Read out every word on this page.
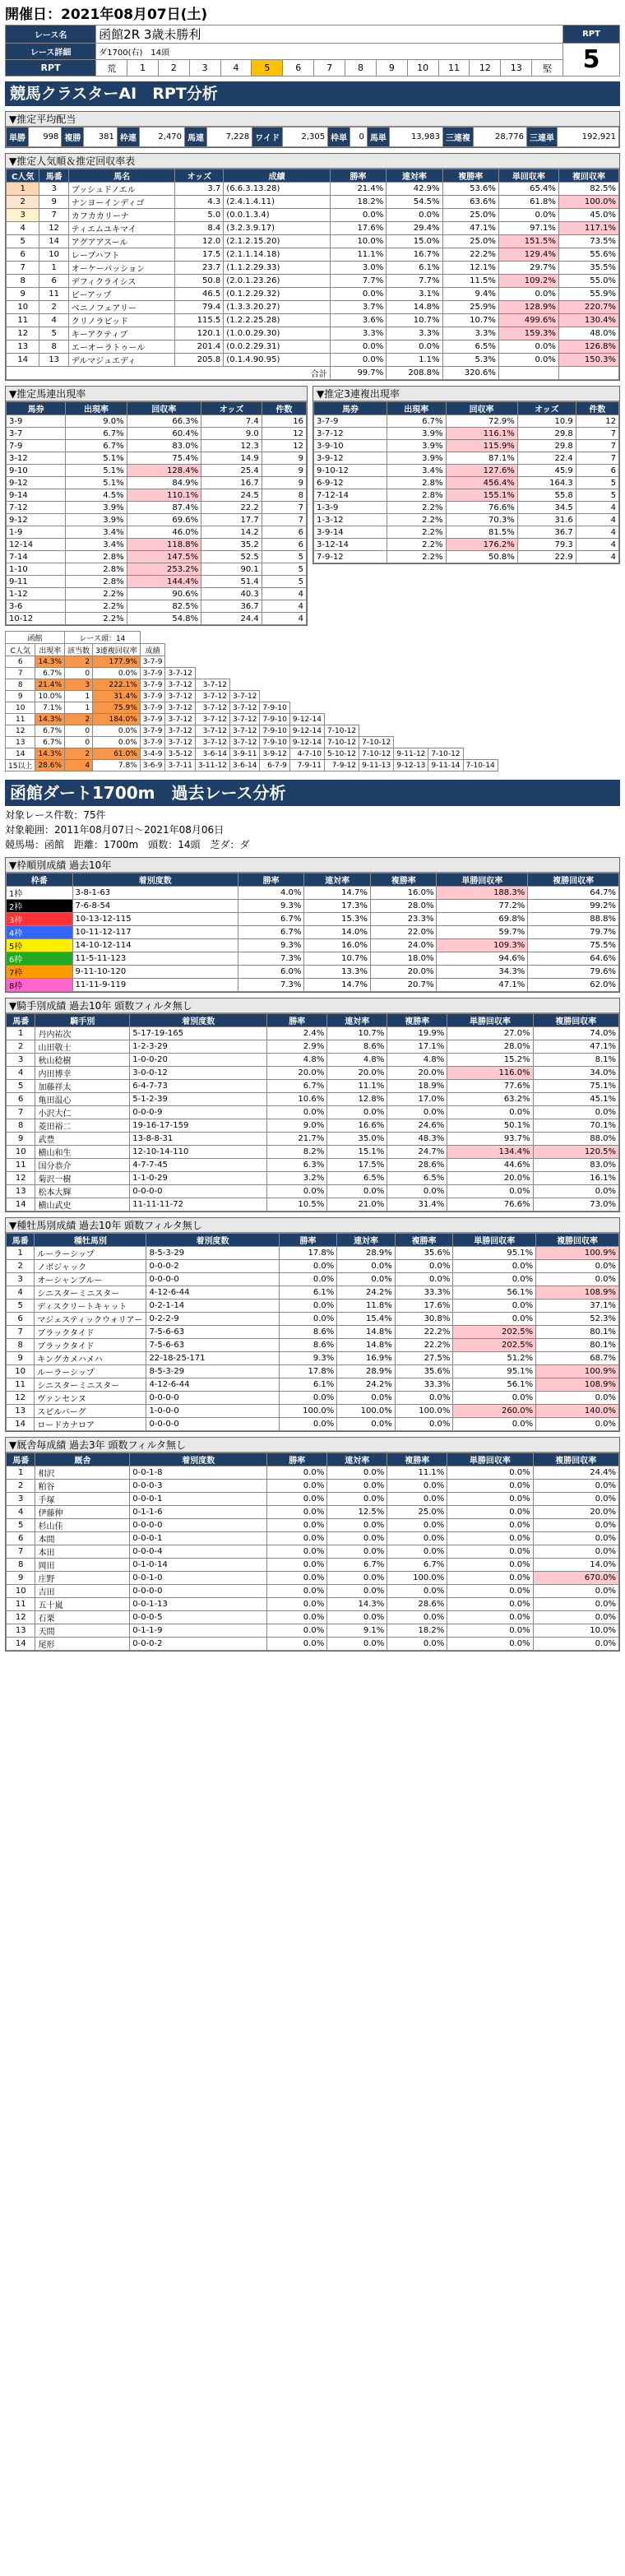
開催日：2021年08月07日(土)
レース名	函館2R 3歳未勝利															RPT
レース詳細	ダ1700(右)　14頭															5
RPT	荒	1	2	3	4	5	6	7	8	9	10	11	12	13	堅	
競馬クラスターAI　RPT分析
▼推定平均配当
単勝	998	複勝	381	枠連	2,470	馬連	7,228	ワイド	2,305	枠単	0	馬単	13,983	三連複	28,776	三連単	192,921
▼推定人気順＆推定回収率表
C人気	馬番	馬名	オッズ	成績	勝率	連対率	複勝率	単回収率	複回収率
1	3	ブッシュドノエル	3.7	(6.6.3.13.28)	21.4%	42.9%	53.6%	65.4%	82.5%
2	9	ナンヨーインディゴ	4.3	(2.4.1.4.11)	18.2%	54.5%	63.6%	61.8%	100.0%
3	7	カフカカリーナ	5.0	(0.0.1.3.4)	0.0%	0.0%	25.0%	0.0%	45.0%
4	12	ティエムユキマイ	8.4	(3.2.3.9.17)	17.6%	29.4%	47.1%	97.1%	117.1%
5	14	アグアアスール	12.0	(2.1.2.15.20)	10.0%	15.0%	25.0%	151.5%	73.5%
6	10	レーブハフト	17.5	(2.1.1.14.18)	11.1%	16.7%	22.2%	129.4%	55.6%
7	1	オーケーパッション	23.7	(1.1.2.29.33)	3.0%	6.1%	12.1%	29.7%	35.5%
8	6	デフィクライシス	50.8	(2.0.1.23.26)	7.7%	7.7%	11.5%	109.2%	55.0%
9	11	ビーアップ	46.5	(0.1.2.29.32)	0.0%	3.1%	9.4%	0.0%	55.9%
10	2	ベニノフェアリー	79.4	(1.3.3.20.27)	3.7%	14.8%	25.9%	128.9%	220.7%
11	4	クリノラピッド	115.5	(1.2.2.25.28)	3.6%	10.7%	10.7%	499.6%	130.4%
12	5	キーアクティブ	120.1	(1.0.0.29.30)	3.3%	3.3%	3.3%	159.3%	48.0%
13	8	エーオーラトゥール	201.4	(0.0.2.29.31)	0.0%	0.0%	6.5%	0.0%	126.8%
14	13	デルマジュエディ	205.8	(0.1.4.90.95)	0.0%	1.1%	5.3%	0.0%	150.3%
合計					99.7%	208.8%	320.6%		
▼推定馬連出現率
馬券	出現率	回収率	オッズ	件数
3-9	9.0%	66.3%	7.4	16
3-7	6.7%	60.4%	9.0	12
7-9	6.7%	83.0%	12.3	12
3-12	5.1%	75.4%	14.9	9
9-10	5.1%	128.4%	25.4	9
9-12	5.1%	84.9%	16.7	9
9-14	4.5%	110.1%	24.5	8
7-12	3.9%	87.4%	22.2	7
9-12	3.9%	69.6%	17.7	7
1-9	3.4%	46.0%	14.2	6
12-14	3.4%	118.8%	35.2	6
7-14	2.8%	147.5%	52.5	5
1-10	2.8%	253.2%	90.1	5
9-11	2.8%	144.4%	51.4	5
1-12	2.2%	90.6%	40.3	4
3-6	2.2%	82.5%	36.7	4
10-12	2.2%	54.8%	24.4	4
▼推定3連複出現率
馬券	出現率	回収率	オッズ	件数
3-7-9	6.7%	72.9%	10.9	12
3-7-12	3.9%	116.1%	29.8	7
3-9-10	3.9%	115.9%	29.8	7
3-9-12	3.9%	87.1%	22.4	7
9-10-12	3.4%	127.6%	45.9	6
6-9-12	2.8%	456.4%	164.3	5
7-12-14	2.8%	155.1%	55.8	5
1-3-9	2.2%	76.6%	34.5	4
1-3-12	2.2%	70.3%	31.6	4
3-9-14	2.2%	81.5%	36.7	4
3-12-14	2.2%	176.2%	79.3	4
7-9-12	2.2%	50.8%	22.9	4
函館		レース頭：14												
C人気	出現率	該当数	3連複回収率	成績										
6	14.3%	2	177.9%	3-7-9										
7	6.7%	0	0.0%	3-7-9	3-7-12									
8	21.4%	3	222.1%	3-7-9	3-7-12	3-7-12								
9	10.0%	1	31.4%	3-7-9	3-7-12	3-7-12	3-7-12							
10	7.1%	1	75.9%	3-7-9	3-7-12	3-7-12	3-7-12	7-9-10						
11	14.3%	2	184.0%	3-7-9	3-7-12	3-7-12	3-7-12	7-9-10	9-12-14					
12	6.7%	0	0.0%	3-7-9	3-7-12	3-7-12	3-7-12	7-9-10	9-12-14	7-10-12				
13	6.7%	0	0.0%	3-7-9	3-7-12	3-7-12	3-7-12	7-9-10	9-12-14	7-10-12	7-10-12			
14	14.3%	2	61.0%	3-4-9	3-5-12	3-6-14	3-9-11	3-9-12	4-7-10	5-10-12	7-10-12	9-11-12	7-10-12	
15以上	28.6%	4	7.8%	3-6-9	3-7-11	3-11-12	3-6-14	6-7-9	7-9-11	7-9-12	9-11-13	9-12-13	9-11-14	7-10-14
函館ダート1700m　過去レース分析
対象レース件数：75件
対象範囲：2011年08月07日～2021年08月06日
競馬場：函館　距離：1700m　頭数：14頭　芝ダ：ダ
▼枠順別成績 過去10年
枠番	着別度数	勝率	連対率	複勝率	単勝回収率	複勝回収率
1枠	3-8-1-63	4.0%	14.7%	16.0%	188.3%	64.7%
2枠	7-6-8-54	9.3%	17.3%	28.0%	77.2%	99.2%
3枠	10-13-12-115	6.7%	15.3%	23.3%	69.8%	88.8%
4枠	10-11-12-117	6.7%	14.0%	22.0%	59.7%	79.7%
5枠	14-10-12-114	9.3%	16.0%	24.0%	109.3%	75.5%
6枠	11-5-11-123	7.3%	10.7%	18.0%	94.6%	64.6%
7枠	9-11-10-120	6.0%	13.3%	20.0%	34.3%	79.6%
8枠	11-11-9-119	7.3%	14.7%	20.7%	47.1%	62.0%
▼騎手別成績 過去10年 頭数フィルタ無し
馬番	騎手別	着別度数	勝率	連対率	複勝率	単勝回収率	複勝回収率
1	丹内祐次	5-17-19-165	2.4%	10.7%	19.9%	27.0%	74.0%
2	山田敬士	1-2-3-29	2.9%	8.6%	17.1%	28.0%	47.1%
3	秋山稔樹	1-0-0-20	4.8%	4.8%	4.8%	15.2%	8.1%
4	内田博幸	3-0-0-12	20.0%	20.0%	20.0%	116.0%	34.0%
5	加藤祥太	6-4-7-73	6.7%	11.1%	18.9%	77.6%	75.1%
6	亀田温心	5-1-2-39	10.6%	12.8%	17.0%	63.2%	45.1%
7	小沢大仁	0-0-0-9	0.0%	0.0%	0.0%	0.0%	0.0%
8	菱田裕二	19-16-17-159	9.0%	16.6%	24.6%	50.1%	70.1%
9	武豊	13-8-8-31	21.7%	35.0%	48.3%	93.7%	88.0%
10	横山和生	12-10-14-110	8.2%	15.1%	24.7%	134.4%	120.5%
11	国分恭介	4-7-7-45	6.3%	17.5%	28.6%	44.6%	83.0%
12	菊沢一樹	1-1-0-29	3.2%	6.5%	6.5%	20.0%	16.1%
13	松本大輝	0-0-0-0	0.0%	0.0%	0.0%	0.0%	0.0%
14	横山武史	11-11-11-72	10.5%	21.0%	31.4%	76.6%	73.0%
▼種牡馬別成績 過去10年 頭数フィルタ無し
馬番	種牡馬別	着別度数	勝率	連対率	複勝率	単勝回収率	複勝回収率
1	ルーラーシップ	8-5-3-29	17.8%	28.9%	35.6%	95.1%	100.9%
2	ノボジャック	0-0-0-2	0.0%	0.0%	0.0%	0.0%	0.0%
3	オーシャンブルー	0-0-0-0	0.0%	0.0%	0.0%	0.0%	0.0%
4	シニスターミニスター	4-12-6-44	6.1%	24.2%	33.3%	56.1%	108.9%
5	ディスクリートキャット	0-2-1-14	0.0%	11.8%	17.6%	0.0%	37.1%
6	マジェスティックウォリアー	0-2-2-9	0.0%	15.4%	30.8%	0.0%	52.3%
7	ブラックタイド	7-5-6-63	8.6%	14.8%	22.2%	202.5%	80.1%
8	ブラックタイド	7-5-6-63	8.6%	14.8%	22.2%	202.5%	80.1%
9	キングカメハメハ	22-18-25-171	9.3%	16.9%	27.5%	51.2%	68.7%
10	ルーラーシップ	8-5-3-29	17.8%	28.9%	35.6%	95.1%	100.9%
11	シニスターミニスター	4-12-6-44	6.1%	24.2%	33.3%	56.1%	108.9%
12	ヴァンセンヌ	0-0-0-0	0.0%	0.0%	0.0%	0.0%	0.0%
13	スピルバーグ	1-0-0-0	100.0%	100.0%	100.0%	260.0%	140.0%
14	ロードカナロア	0-0-0-0	0.0%	0.0%	0.0%	0.0%	0.0%
▼厩舎毎成績 過去3年 頭数フィルタ無し
馬番	厩舎	着別度数	勝率	連対率	複勝率	単勝回収率	複勝回収率
1	相沢	0-0-1-8	0.0%	0.0%	11.1%	0.0%	24.4%
2	粕谷	0-0-0-3	0.0%	0.0%	0.0%	0.0%	0.0%
3	手塚	0-0-0-1	0.0%	0.0%	0.0%	0.0%	0.0%
4	伊藤伸	0-1-1-6	0.0%	12.5%	25.0%	0.0%	20.0%
5	杉山佳	0-0-0-0	0.0%	0.0%	0.0%	0.0%	0.0%
6	本間	0-0-0-1	0.0%	0.0%	0.0%	0.0%	0.0%
7	本田	0-0-0-4	0.0%	0.0%	0.0%	0.0%	0.0%
8	岡田	0-1-0-14	0.0%	6.7%	6.7%	0.0%	14.0%
9	庄野	0-0-1-0	0.0%	0.0%	100.0%	0.0%	670.0%
10	吉田	0-0-0-0	0.0%	0.0%	0.0%	0.0%	0.0%
11	五十嵐	0-0-1-13	0.0%	14.3%	28.6%	0.0%	0.0%
12	石栗	0-0-0-5	0.0%	0.0%	0.0%	0.0%	0.0%
13	天間	0-1-1-9	0.0%	9.1%	18.2%	0.0%	10.0%
14	尾形	0-0-0-2	0.0%	0.0%	0.0%	0.0%	0.0%
